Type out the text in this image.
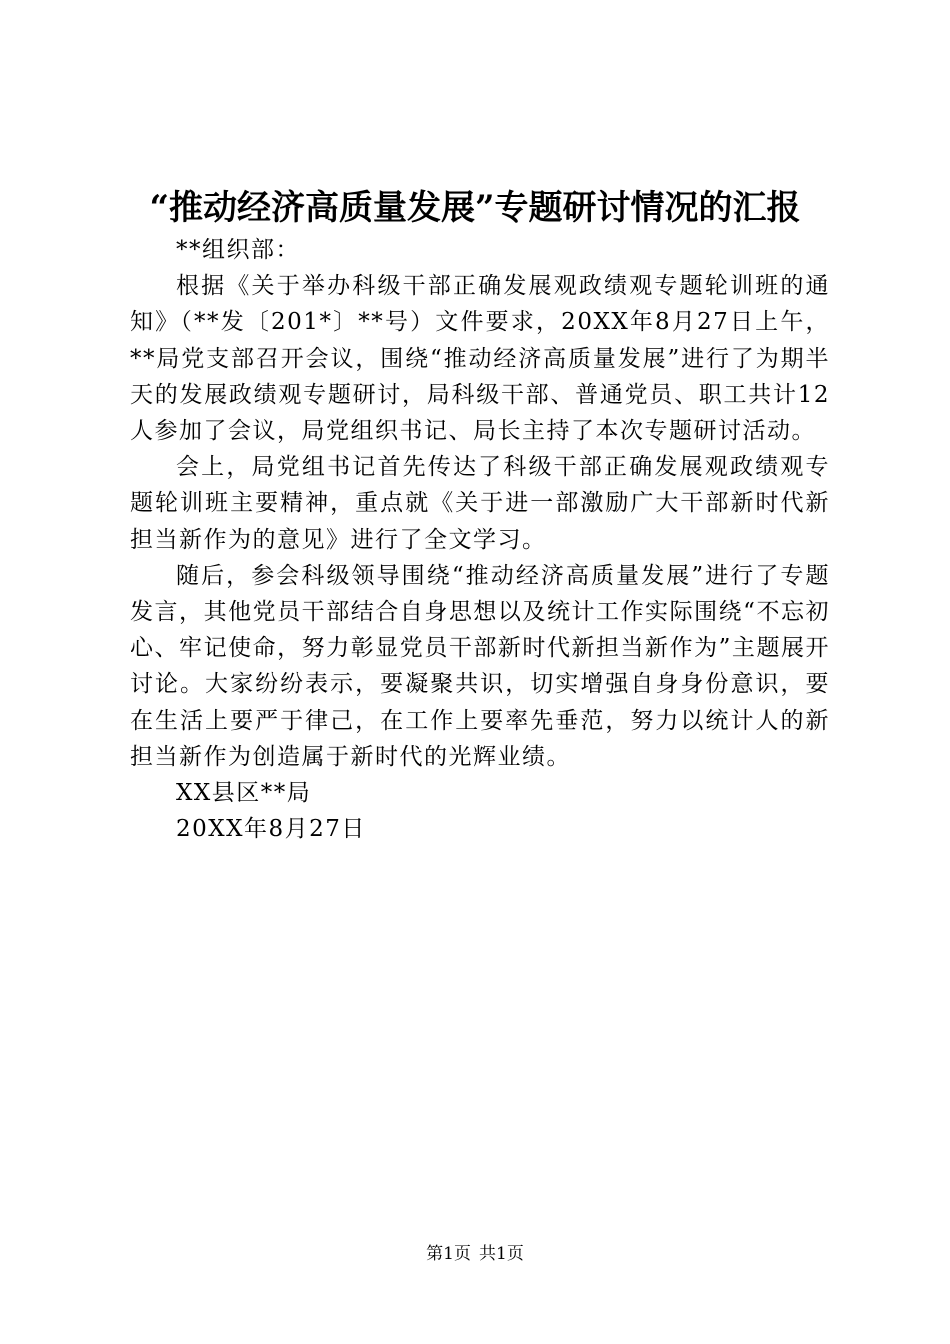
“推动经济高质量发展”专题研讨情况的汇报
**组织部：

根据《关于举办科级干部正确发展观政绩观专题轮训班的通知》（**发〔201*〕**号）文件要求，20XX年8月27日上午，**局党支部召开会议，围绕“推动经济高质量发展”进行了为期半天的发展政绩观专题研讨，局科级干部、普通党员、职工共计12人参加了会议，局党组织书记、局长主持了本次专题研讨活动。

会上，局党组书记首先传达了科级干部正确发展观政绩观专题轮训班主要精神，重点就《关于进一部激励广大干部新时代新担当新作为的意见》进行了全文学习。

随后，参会科级领导围绕“推动经济高质量发展”进行了专题发言，其他党员干部结合自身思想以及统计工作实际围绕“不忘初心、牢记使命，努力彰显党员干部新时代新担当新作为”主题展开讨论。大家纷纷表示，要凝聚共识，切实增强自身身份意识，要在生活上要严于律己，在工作上要率先垂范，努力以统计人的新担当新作为创造属于新时代的光辉业绩。

XX县区**局
20XX年8月27日
第1页 共1页
